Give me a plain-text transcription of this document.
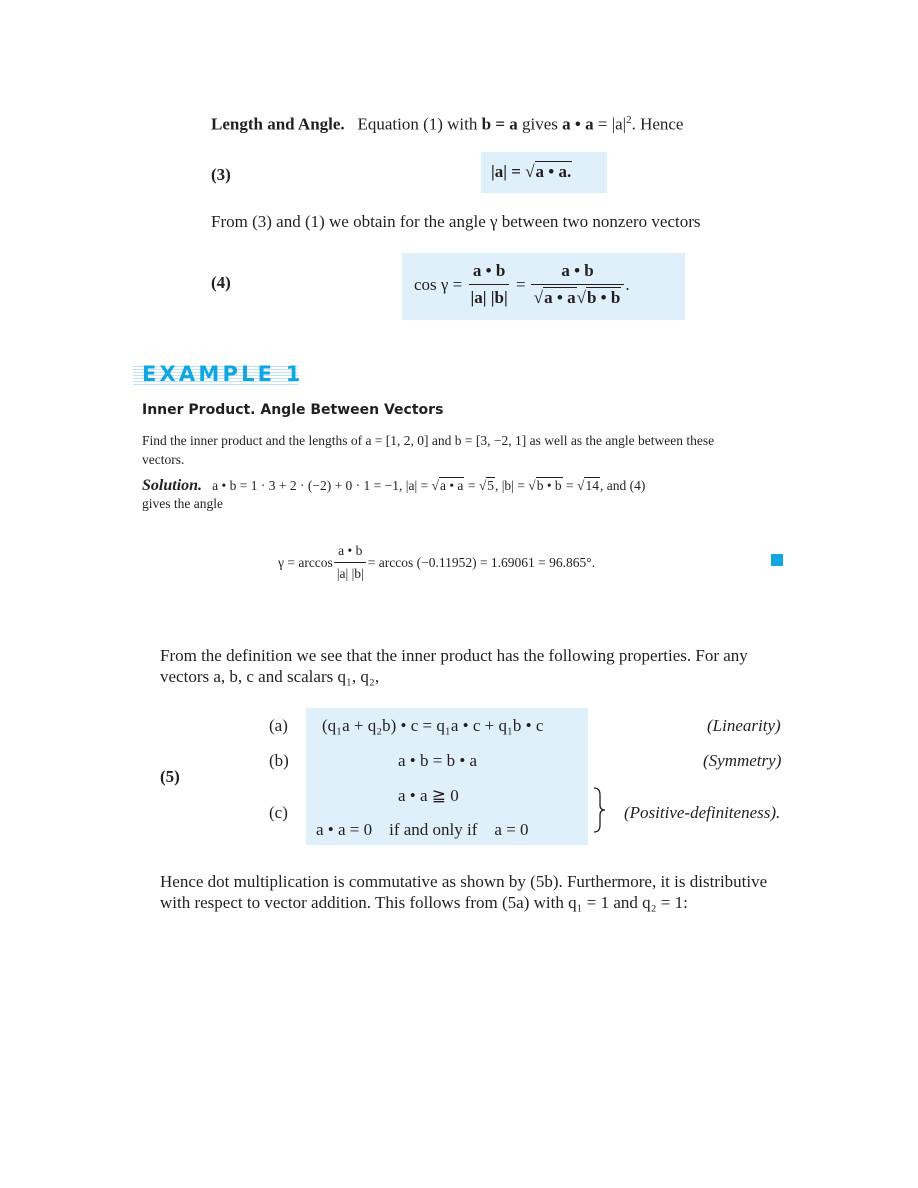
Length and Angle. Equation (1) with b = a gives a • $a = |a|^2$. Hence
(3)	|a| = √a • a.
From (3) and (1) we obtain for the angle γ between two nonzero vectors
(4)	cos γ =
$\frac{a • b}{|a| |b|}$
=
$\frac{a • b}{√a • a√b • b}$ .
EXAMPLE 1
Inner Product. Angle Between Vectors
Find the inner product and the lengths of a = [1, 2, 0] and b = [3, −2, 1] as well as the angle between these
vectors.
Solution. a • b = 1 · 3 + 2 · (−2) + 0 · 1 = −1, |a| = √a • a = √5, |b| = √b • b = √14, and (4)
gives the angle
$\gamma = \arccos \frac{a • b}{|a| |b|} = \arccos (-0.11952) = 1.69061 = 96.865^\circ$.
From the definition we see that the inner product has the following properties. For any
vectors a, b, c and scalars q₁, q₂,
(5)
(a) (q₁a + q₂b) • c = q₁a • c + q₁b • c	(Linearity)
(b)	a • b = b • a	(Symmetry)
a • a ≧ 0
(c)
a • a = 0    if and only if    a = 0
(Positive-definiteness).
Hence dot multiplication is commutative as shown by (5b). Furthermore, it is distributive
with respect to vector addition. This follows from (5a) with q₁ = 1 and q₂ = 1:
